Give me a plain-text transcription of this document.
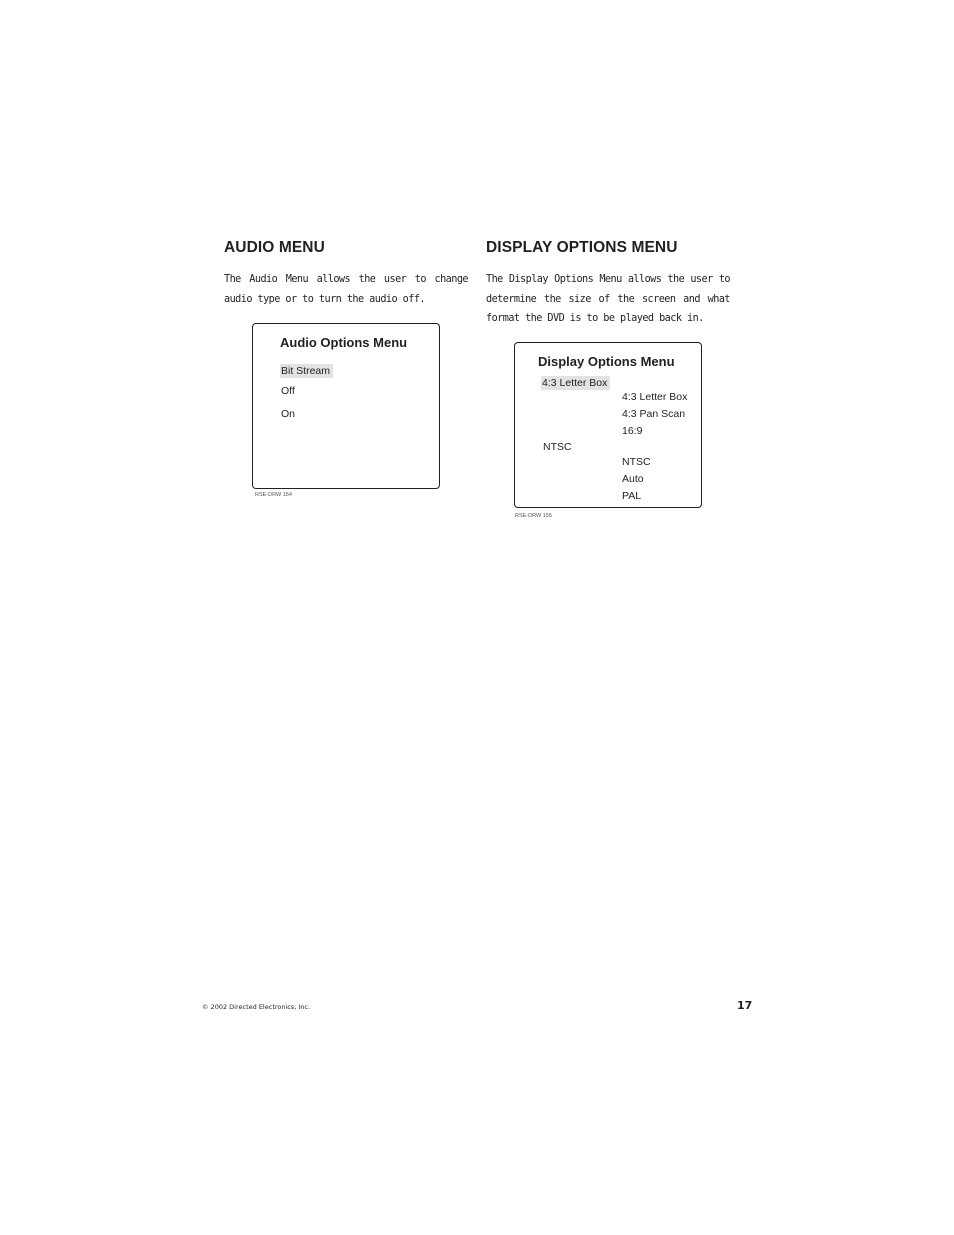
AUDIO MENU

The Audio Menu allows the user to change audio type or to turn the audio off.

Audio Options Menu
Bit Stream
Off
On
RSE-DRW 154
DISPLAY OPTIONS MENU

The Display Options Menu allows the user to determine the size of the screen and what format the DVD is to be played back in.

Display Options Menu
4:3 Letter Box
4:3 Letter Box
4:3 Pan Scan
16:9
NTSC
NTSC
Auto
PAL
RSE-DRW 155
© 2002 Directed Electronics, Inc.	17
